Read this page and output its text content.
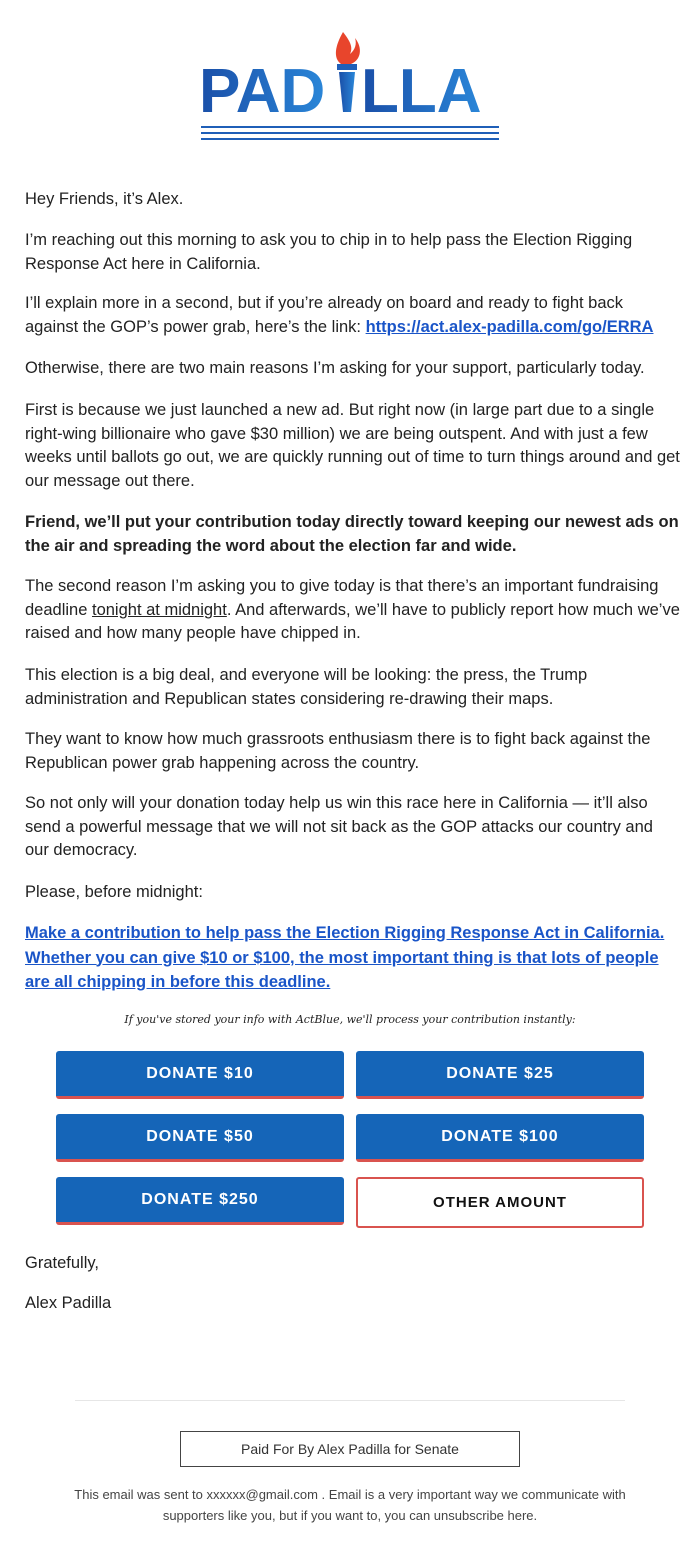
PAD LLA

Hey Friends, it’s Alex.

I’m reaching out this morning to ask you to chip in to help pass the Election Rigging Response Act here in California.

I’ll explain more in a second, but if you’re already on board and ready to fight back against the GOP’s power grab, here’s the link: https://act.alex-padilla.com/go/ERRA

Otherwise, there are two main reasons I’m asking for your support, particularly today.

First is because we just launched a new ad. But right now (in large part due to a single right-wing billionaire who gave $30 million) we are being outspent. And with just a few weeks until ballots go out, we are quickly running out of time to turn things around and get our message out there.

Friend, we’ll put your contribution today directly toward keeping our newest ads on the air and spreading the word about the election far and wide.

The second reason I’m asking you to give today is that there’s an important fundraising deadline tonight at midnight. And afterwards, we’ll have to publicly report how much we’ve raised and how many people have chipped in.

This election is a big deal, and everyone will be looking: the press, the Trump administration and Republican states considering re-drawing their maps.

They want to know how much grassroots enthusiasm there is to fight back against the Republican power grab happening across the country.

So not only will your donation today help us win this race here in California — it’ll also send a powerful message that we will not sit back as the GOP attacks our country and our democracy.

Please, before midnight:

Make a contribution to help pass the Election Rigging Response Act in California. Whether you can give $10 or $100, the most important thing is that lots of people are all chipping in before this deadline.

If you've stored your info with ActBlue, we'll process your contribution instantly:
DONATE $10	DONATE $25
DONATE $50	DONATE $100
DONATE $250	OTHER AMOUNT

Gratefully,

Alex Padilla

Paid For By Alex Padilla for Senate
This email was sent to xxxxxx@gmail.com . Email is a very important way we communicate with supporters like you, but if you want to, you can unsubscribe here.
